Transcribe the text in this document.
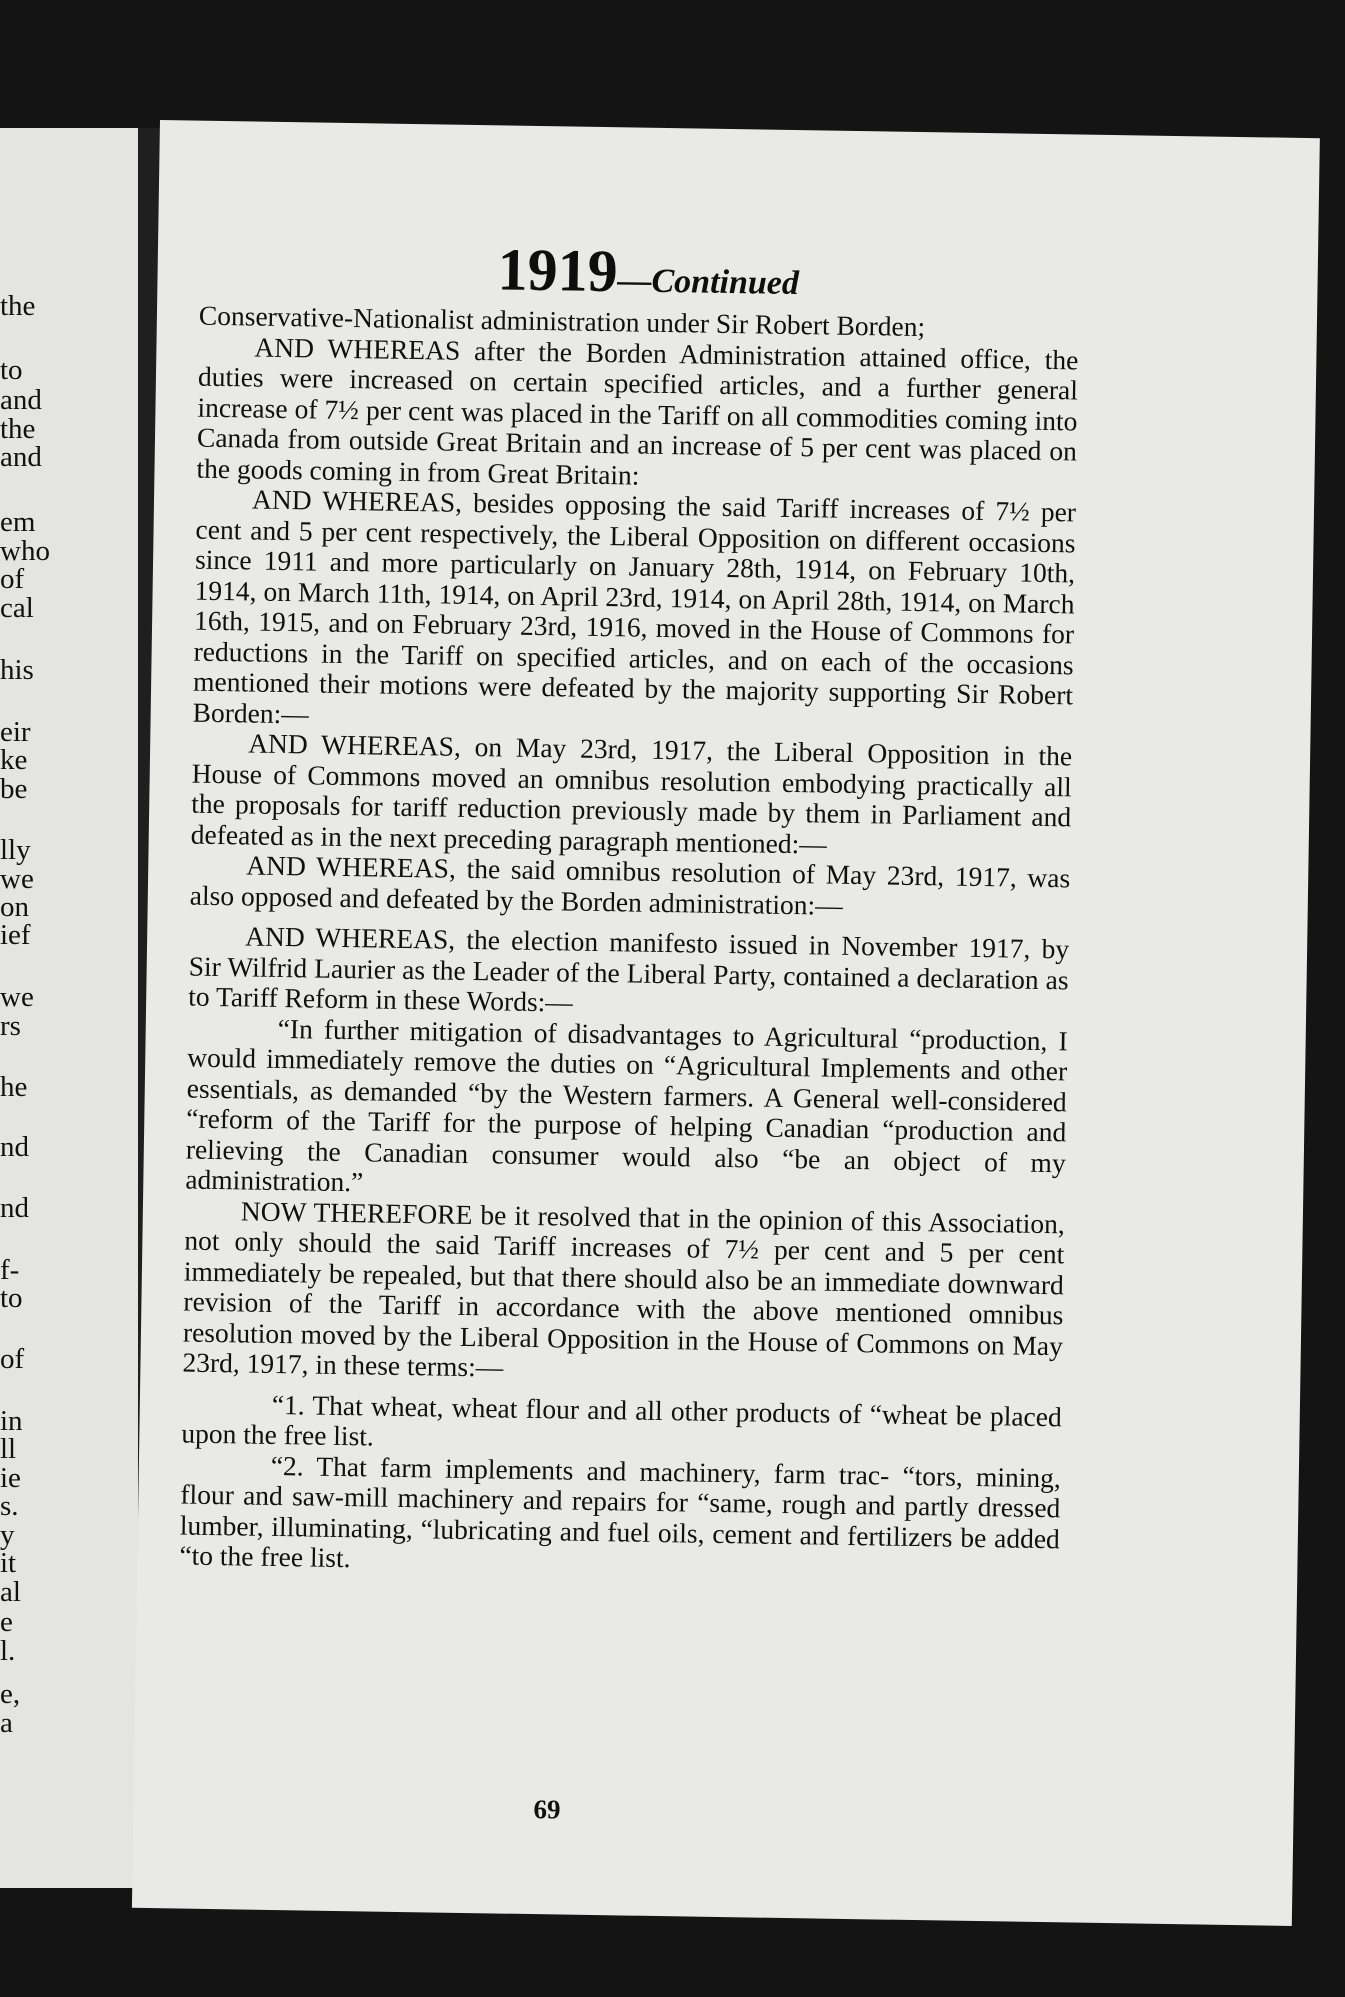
the
to
and
the
and
em
who
of
cal
his
eir
ke
be
lly
we
on
ief
we
rs
he
nd
nd
f-
to
of
in
ll
ie
s.
y
it
al
e
l.
e,
a
1919—Continued

Conservative-Nationalist administration under Sir Robert Borden;

AND WHEREAS after the Borden Administration attained office, the duties were increased on certain specified articles, and a further general increase of 7½ per cent was placed in the Tariff on all commodities coming into Canada from outside Great Britain and an increase of 5 per cent was placed on the goods coming in from Great Britain:

AND WHEREAS, besides opposing the said Tariff increases of 7½ per cent and 5 per cent respectively, the Liberal Opposition on different occasions since 1911 and more particularly on January 28th, 1914, on February 10th, 1914, on March 11th, 1914, on April 23rd, 1914, on April 28th, 1914, on March 16th, 1915, and on February 23rd, 1916, moved in the House of Commons for reductions in the Tariff on specified articles, and on each of the occasions mentioned their motions were defeated by the majority supporting Sir Robert Borden:—

AND WHEREAS, on May 23rd, 1917, the Liberal Opposition in the House of Commons moved an omnibus resolution embodying practically all the proposals for tariff reduction previously made by them in Parliament and defeated as in the next preceding paragraph mentioned:—

AND WHEREAS, the said omnibus resolution of May 23rd, 1917, was also opposed and defeated by the Borden administration:—

AND WHEREAS, the election manifesto issued in November 1917, by Sir Wilfrid Laurier as the Leader of the Liberal Party, contained a declaration as to Tariff Reform in these Words:—

“In further mitigation of disadvantages to Agricultural “production, I would immediately remove the duties on “Agricultural Implements and other essentials, as demanded “by the Western farmers. A General well-considered “reform of the Tariff for the purpose of helping Canadian “production and relieving the Canadian consumer would also “be an object of my administration.”

NOW THEREFORE be it resolved that in the opinion of this Association, not only should the said Tariff increases of 7½ per cent and 5 per cent immediately be repealed, but that there should also be an immediate downward revision of the Tariff in accordance with the above mentioned omnibus resolution moved by the Liberal Opposition in the House of Commons on May 23rd, 1917, in these terms:—

“1. That wheat, wheat flour and all other products of “wheat be placed upon the free list.

“2. That farm implements and machinery, farm trac- “tors, mining, flour and saw-mill machinery and repairs for “same, rough and partly dressed lumber, illuminating, “lubricating and fuel oils, cement and fertilizers be added “to the free list.

69
